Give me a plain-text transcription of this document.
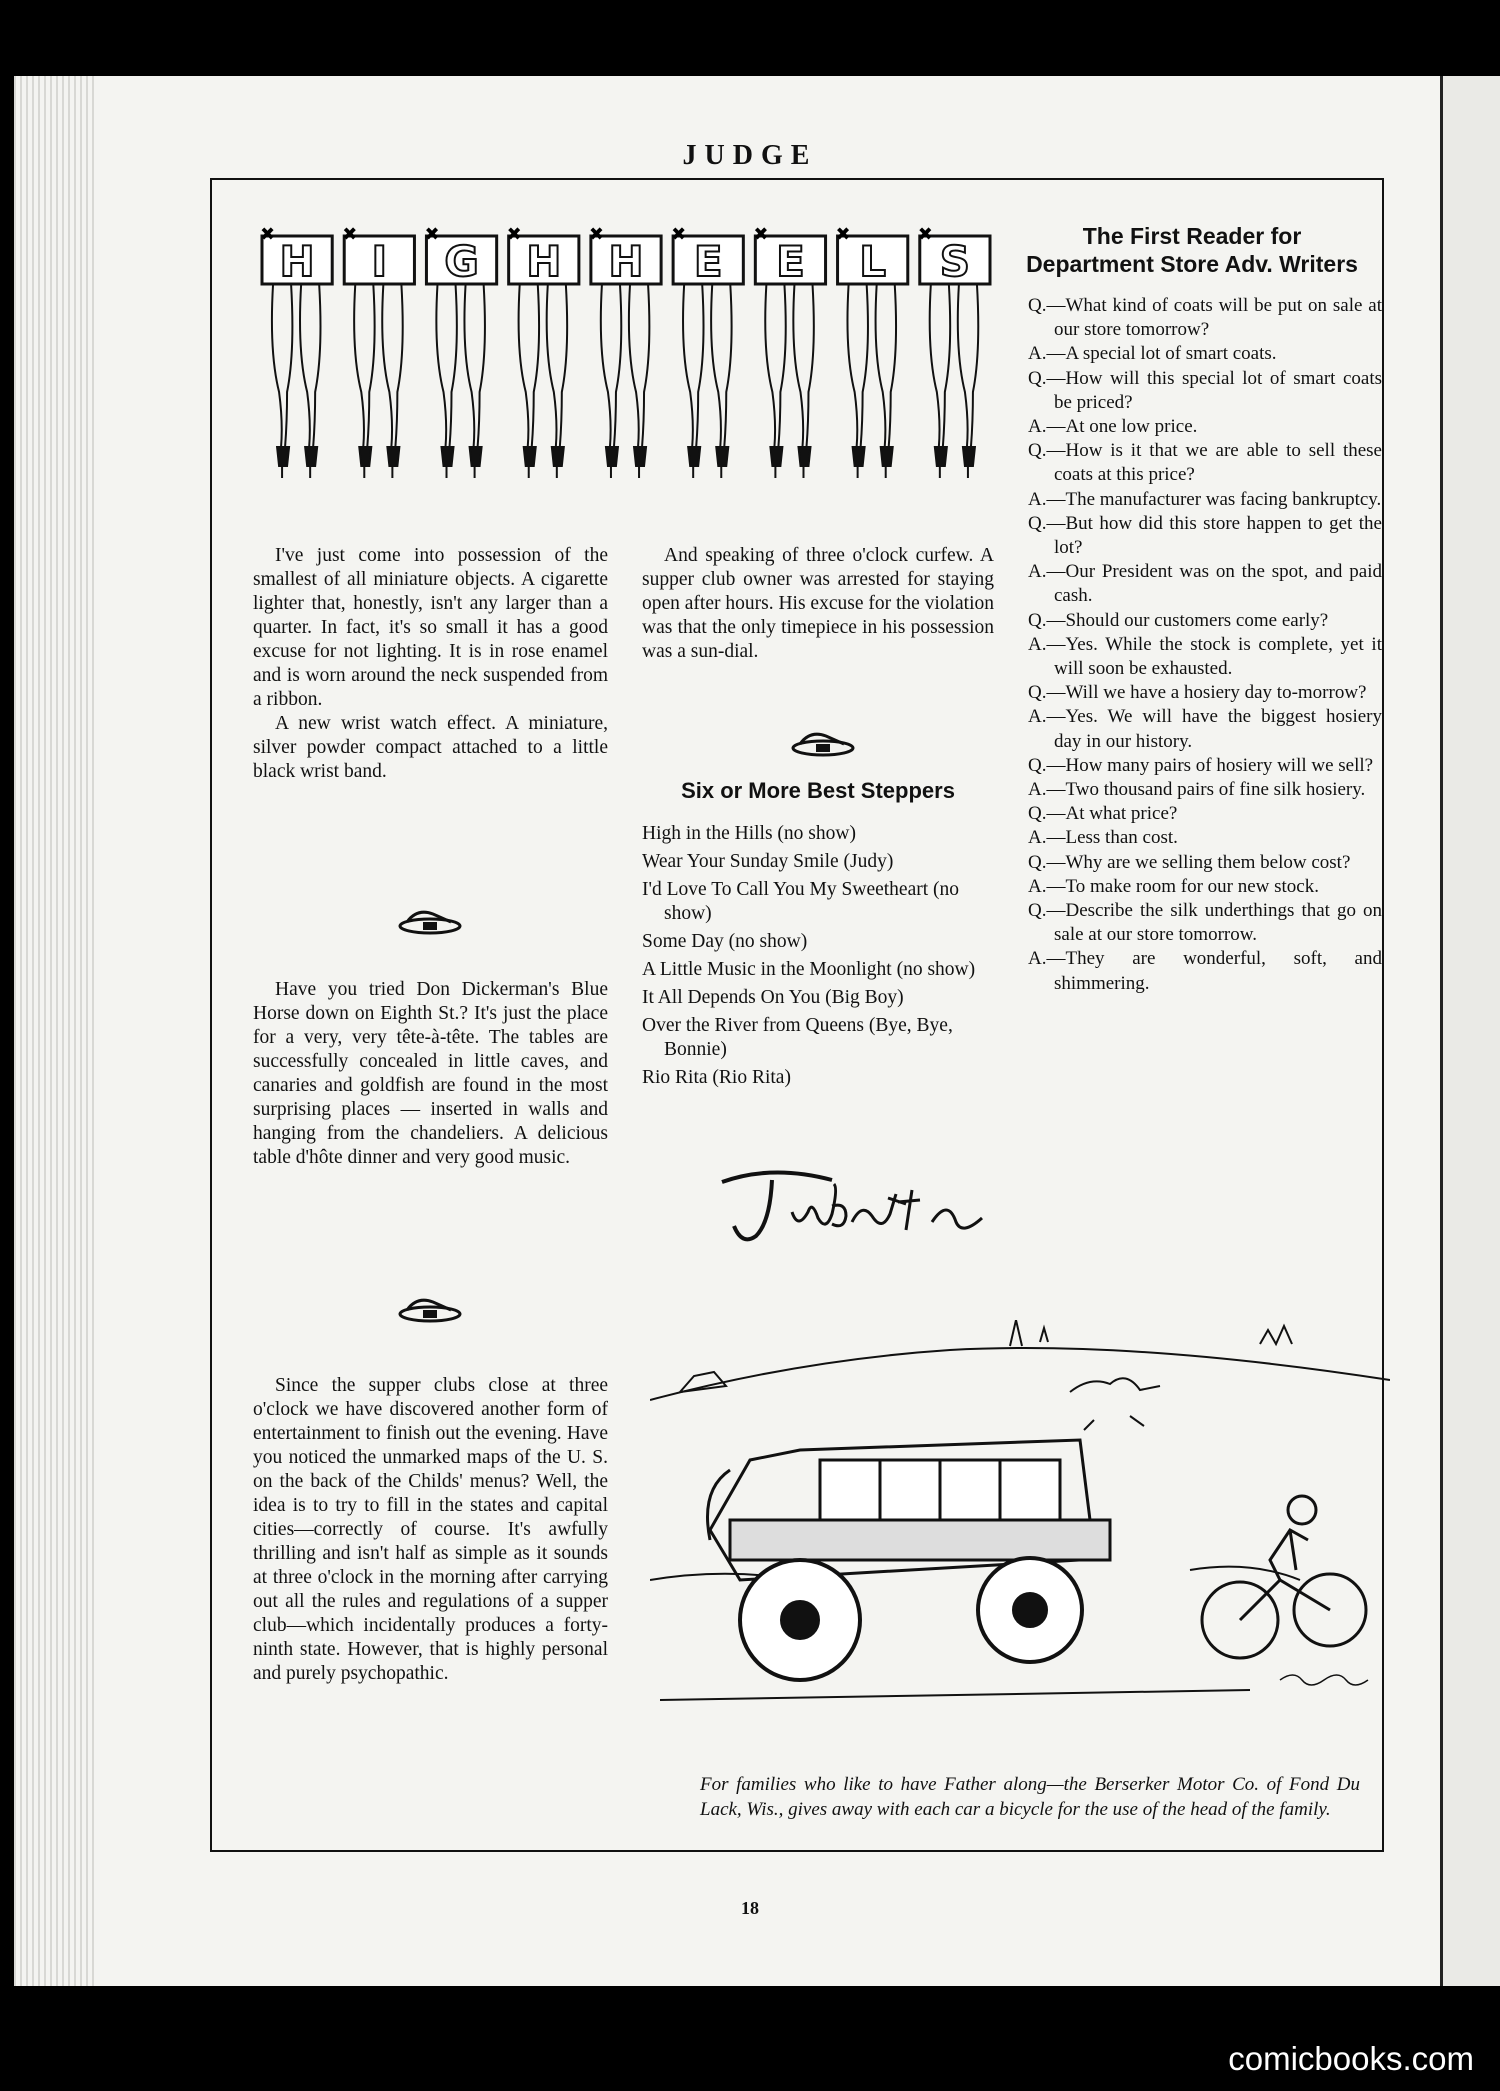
JUDGE
✖
H
✖
I
✖
G
✖
H
✖
H
✖
E
✖
E
✖
L
✖
S

I've just come into possession of the smallest of all miniature objects. A cigarette lighter that, honestly, isn't any larger than a quarter. In fact, it's so small it has a good excuse for not lighting. It is in rose enamel and is worn around the neck suspended from a ribbon.

A new wrist watch effect. A miniature, silver powder compact attached to a little black wrist band.

Have you tried Don Dickerman's Blue Horse down on Eighth St.? It's just the place for a very, very tête-à-tête. The tables are successfully concealed in little caves, and canaries and goldfish are found in the most surprising places — inserted in walls and hanging from the chandeliers. A delicious table d'hôte dinner and very good music.

Since the supper clubs close at three o'clock we have discovered another form of entertainment to finish out the evening. Have you noticed the unmarked maps of the U. S. on the back of the Childs' menus? Well, the idea is to try to fill in the states and capital cities—correctly of course. It's awfully thrilling and isn't half as simple as it sounds at three o'clock in the morning after carrying out all the rules and regulations of a supper club—which incidentally produces a forty-ninth state. However, that is highly personal and purely psychopathic.

And speaking of three o'clock curfew. A supper club owner was arrested for staying open after hours. His excuse for the violation was that the only timepiece in his possession was a sun-dial.

Six or More Best Steppers
High in the Hills (no show)
Wear Your Sunday Smile (Judy)
I'd Love To Call You My Sweetheart (no show)
Some Day (no show)
A Little Music in the Moonlight (no show)
It All Depends On You (Big Boy)
Over the River from Queens (Bye, Bye, Bonnie)
Rio Rita (Rio Rita)
The First Reader for Department Store Adv. Writers
Q.—What kind of coats will be put on sale at our store tomorrow?
A.—A special lot of smart coats.
Q.—How will this special lot of smart coats be priced?
A.—At one low price.
Q.—How is it that we are able to sell these coats at this price?
A.—The manufacturer was facing bankruptcy.
Q.—But how did this store happen to get the lot?
A.—Our President was on the spot, and paid cash.
Q.—Should our customers come early?
A.—Yes. While the stock is complete, yet it will soon be exhausted.
Q.—Will we have a hosiery day to-morrow?
A.—Yes. We will have the biggest hosiery day in our history.
Q.—How many pairs of hosiery will we sell?
A.—Two thousand pairs of fine silk hosiery.
Q.—At what price?
A.—Less than cost.
Q.—Why are we selling them below cost?
A.—To make room for our new stock.
Q.—Describe the silk underthings that go on sale at our store tomorrow.
A.—They are wonderful, soft, and shimmering.
For families who like to have Father along—the Berserker Motor Co. of Fond Du Lack, Wis., gives away with each car a bicycle for the use of the head of the family.
18
comicbooks.com
